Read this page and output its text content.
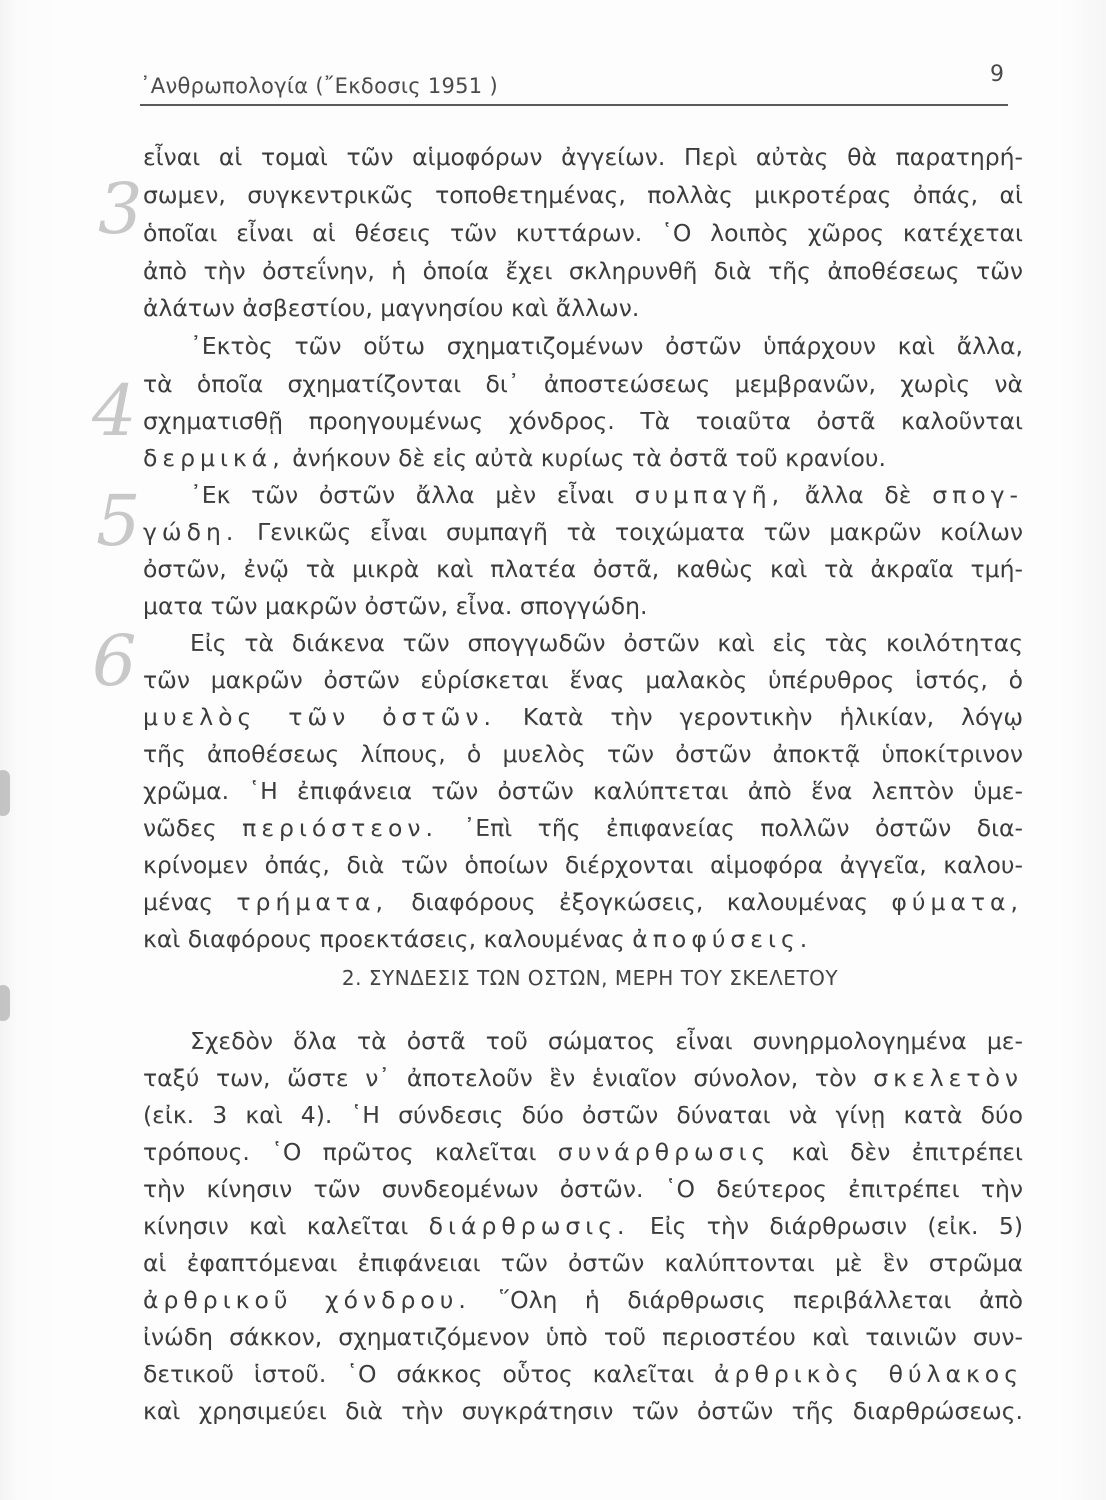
3
4
5
6
᾿Ανθρωπολογία (῎Εκδοσις 1951 )	9
εἶναι αἱ τομαὶ τῶν αἱμοφόρων ἀγγείων. Περὶ αὐτὰς θὰ παρατηρή-
σωμεν, συγκεντρικῶς τοποθετημένας, πολλὰς μικροτέρας ὀπάς, αἱ
ὁποῖαι εἶναι αἱ θέσεις τῶν κυττάρων. ῾Ο λοιπὸς χῶρος κατέχεται
ἀπὸ τὴν ὀστεΐνην, ἡ ὁποία ἔχει σκληρυνθῆ διὰ τῆς ἀποθέσεως τῶν
ἀλάτων ἀσβεστίου, μαγνησίου καὶ ἄλλων.
᾿Εκτὸς τῶν οὕτω σχηματιζομένων ὀστῶν ὑπάρχουν καὶ ἄλλα,
τὰ ὁποῖα σχηματίζονται δι᾿ ἀποστεώσεως μεμβρανῶν, χωρὶς νὰ
σχηματισθῇ προηγουμένως χόνδρος. Τὰ τοιαῦτα ὀστᾶ καλοῦνται
δερμικά, ἀνήκουν δὲ εἰς αὐτὰ κυρίως τὰ ὀστᾶ τοῦ κρανίου.
᾿Εκ τῶν ὀστῶν ἄλλα μὲν εἶναι συμπαγῆ, ἄλλα δὲ σπογ-
γώδη. Γενικῶς εἶναι συμπαγῆ τὰ τοιχώματα τῶν μακρῶν κοίλων
ὀστῶν, ἐνῷ τὰ μικρὰ καὶ πλατέα ὀστᾶ, καθὼς καὶ τὰ ἀκραῖα τμή-
ματα τῶν μακρῶν ὀστῶν, εἶνα. σπογγώδη.
Εἰς τὰ διάκενα τῶν σπογγωδῶν ὀστῶν καὶ εἰς τὰς κοιλότητας
τῶν μακρῶν ὀστῶν εὑρίσκεται ἕνας μαλακὸς ὑπέρυθρος ἱστός, ὁ
μυελὸς τῶν ὀστῶν. Κατὰ τὴν γεροντικὴν ἡλικίαν, λόγῳ
τῆς ἀποθέσεως λίπους, ὁ μυελὸς τῶν ὀστῶν ἀποκτᾷ ὑποκίτρινον
χρῶμα. ῾Η ἐπιφάνεια τῶν ὀστῶν καλύπτεται ἀπὸ ἕνα λεπτὸν ὑμε-
νῶδες περιόστεον. ᾿Επὶ τῆς ἐπιφανείας πολλῶν ὀστῶν δια-
κρίνομεν ὀπάς, διὰ τῶν ὁποίων διέρχονται αἱμοφόρα ἀγγεῖα, καλου-
μένας τρήματα, διαφόρους ἐξογκώσεις, καλουμένας φύματα,
καὶ διαφόρους προεκτάσεις, καλουμένας ἀποφύσεις.
2. ΣΥΝΔΕΣΙΣ ΤΩΝ ΟΣΤΩΝ, ΜΕΡΗ ΤΟΥ ΣΚΕΛΕΤΟΥ
Σχεδὸν ὅλα τὰ ὀστᾶ τοῦ σώματος εἶναι συνηρμολογημένα με-
ταξύ των, ὥστε ν᾿ ἀποτελοῦν ἓν ἑνιαῖον σύνολον, τὸν σκελετὸν
(εἰκ. 3 καὶ 4). ῾Η σύνδεσις δύο ὀστῶν δύναται νὰ γίνῃ κατὰ δύο
τρόπους. ῾Ο πρῶτος καλεῖται συνάρθρωσις καὶ δὲν ἐπιτρέπει
τὴν κίνησιν τῶν συνδεομένων ὀστῶν. ῾Ο δεύτερος ἐπιτρέπει τὴν
κίνησιν καὶ καλεῖται διάρθρωσις. Εἰς τὴν διάρθρωσιν (εἰκ. 5)
αἱ ἐφαπτόμεναι ἐπιφάνειαι τῶν ὀστῶν καλύπτονται μὲ ἓν στρῶμα
ἀρθρικοῦ χόνδρου. ῞Ολη ἡ διάρθρωσις περιβάλλεται ἀπὸ
ἰνώδη σάκκον, σχηματιζόμενον ὑπὸ τοῦ περιοστέου καὶ ταινιῶν συν-
δετικοῦ ἱστοῦ. ῾Ο σάκκος οὗτος καλεῖται ἀρθρικὸς θύλακος
καὶ χρησιμεύει διὰ τὴν συγκράτησιν τῶν ὀστῶν τῆς διαρθρώσεως.
